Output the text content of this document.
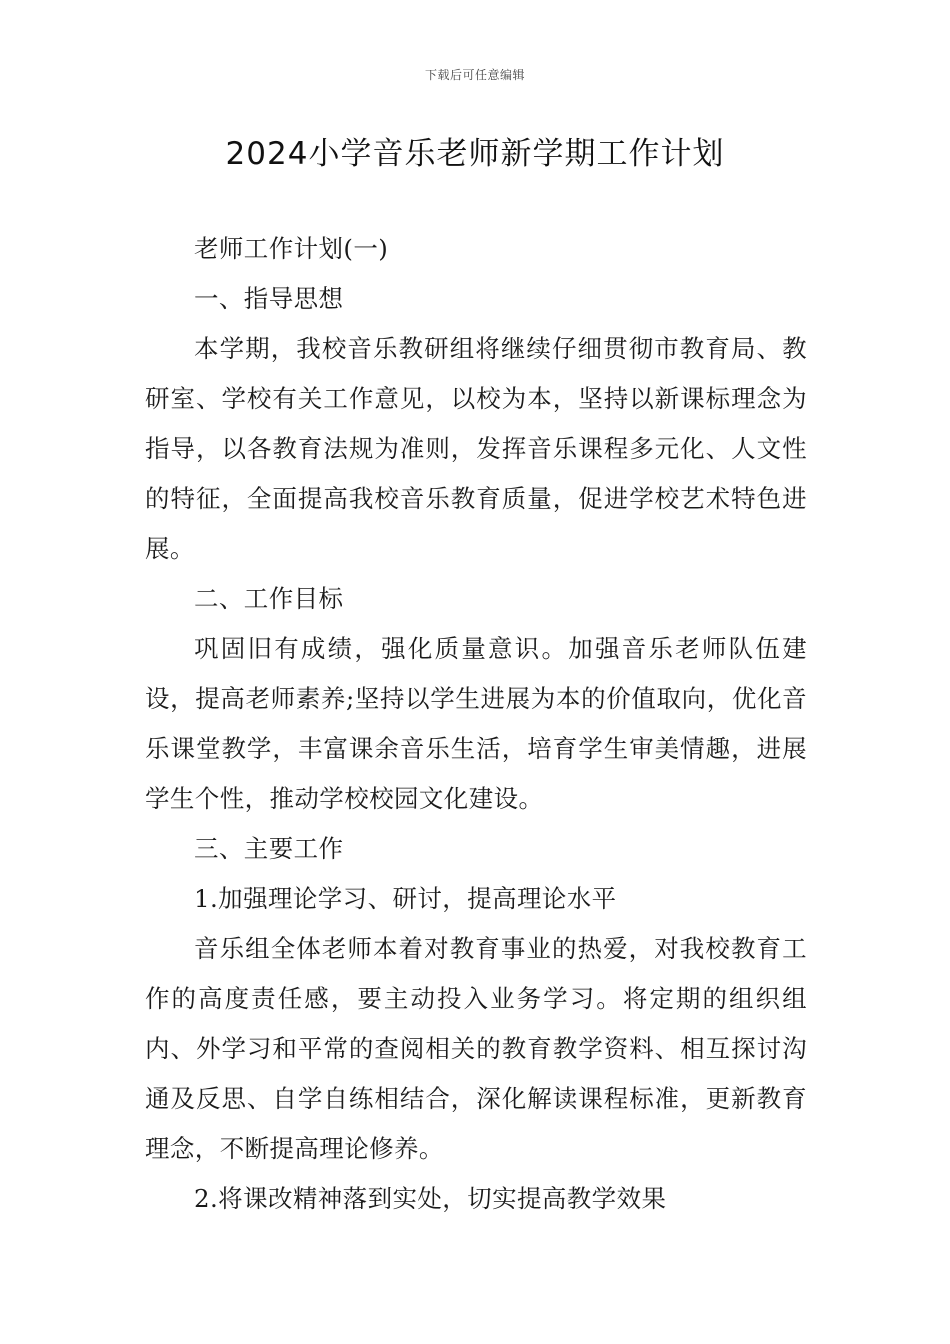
下载后可任意编辑
2024小学音乐老师新学期工作计划

老师工作计划(一)

一、指导思想

本学期，我校音乐教研组将继续仔细贯彻市教育局、教研室、学校有关工作意见，以校为本，坚持以新课标理念为指导，以各教育法规为准则，发挥音乐课程多元化、人文性的特征，全面提高我校音乐教育质量，促进学校艺术特色进展。

二、工作目标

巩固旧有成绩，强化质量意识。加强音乐老师队伍建设，提高老师素养;坚持以学生进展为本的价值取向，优化音乐课堂教学，丰富课余音乐生活，培育学生审美情趣，进展学生个性，推动学校校园文化建设。

三、主要工作

1.加强理论学习、研讨，提高理论水平

音乐组全体老师本着对教育事业的热爱，对我校教育工作的高度责任感，要主动投入业务学习。将定期的组织组内、外学习和平常的查阅相关的教育教学资料、相互探讨沟通及反思、自学自练相结合，深化解读课程标准，更新教育理念，不断提高理论修养。

2.将课改精神落到实处，切实提高教学效果
